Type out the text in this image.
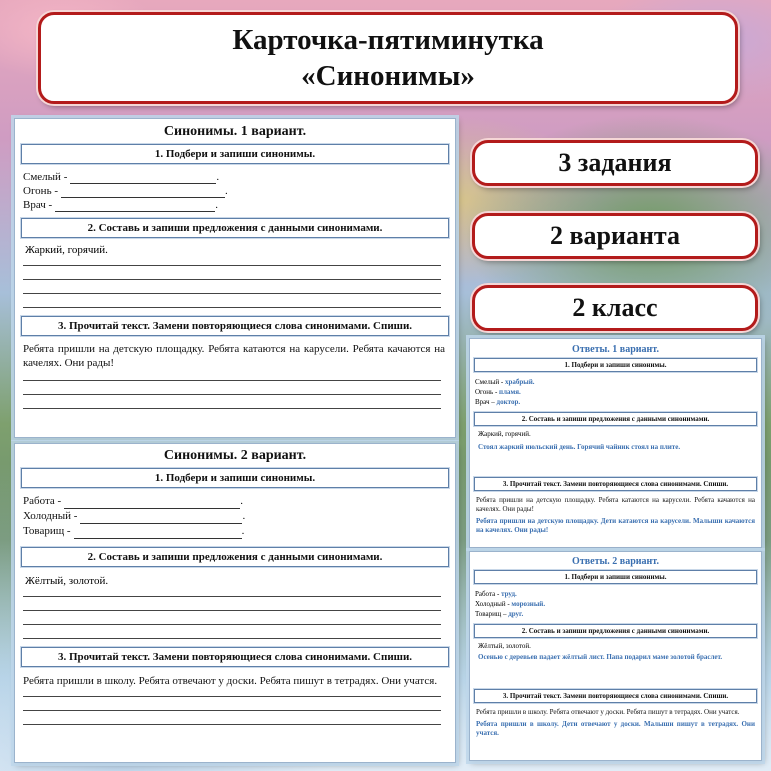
Карточка-пятиминутка
«Синонимы»
3 задания
2 варианта
2 класс
Синонимы. 1 вариант.
1. Подбери и запиши синонимы.
Смелый -	.
Огонь -	.
Врач -	.
2. Составь и запиши предложения с данными синонимами.
Жаркий, горячий.
3. Прочитай текст. Замени повторяющиеся слова синонимами. Спиши.
Ребята пришли на детскую площадку. Ребята катаются на карусели. Ребята качаются на качелях. Они рады!
Синонимы. 2 вариант.
1. Подбери и запиши синонимы.
Работа -	.
Холодный -	.
Товарищ -	.
2. Составь и запиши предложения с данными синонимами.
Жёлтый, золотой.
3. Прочитай текст. Замени повторяющиеся слова синонимами. Спиши.
Ребята пришли в школу. Ребята отвечают у доски. Ребята пишут в тетрадях. Они учатся.
Ответы. 1 вариант.
1. Подбери и запиши синонимы.
Смелый - храбрый.
Огонь - пламя.
Врач – доктор.
2. Составь и запиши предложения с данными синонимами.
Жаркий, горячий.
Стоял жаркий июльский день. Горячий чайник стоял на плите.
3. Прочитай текст. Замени повторяющиеся слова синонимами. Спиши.
Ребята пришли на детскую площадку. Ребята катаются на карусели. Ребята качаются на качелях. Они рады!
Ребята пришли на детскую площадку. Дети катаются на карусели. Малыши качаются на качелях. Они рады!
Ответы. 2 вариант.
1. Подбери и запиши синонимы.
Работа - труд.
Холодный - морозный.
Товарищ – друг.
2. Составь и запиши предложения с данными синонимами.
Жёлтый, золотой.
Осенью с деревьев падает жёлтый лист. Папа подарил маме золотой браслет.
3. Прочитай текст. Замени повторяющиеся слова синонимами. Спиши.
Ребята пришли в школу. Ребята отвечают у доски. Ребята пишут в тетрадях. Они учатся.
Ребята пришли в школу. Дети отвечают у доски. Малыши пишут в тетрадях. Они учатся.
